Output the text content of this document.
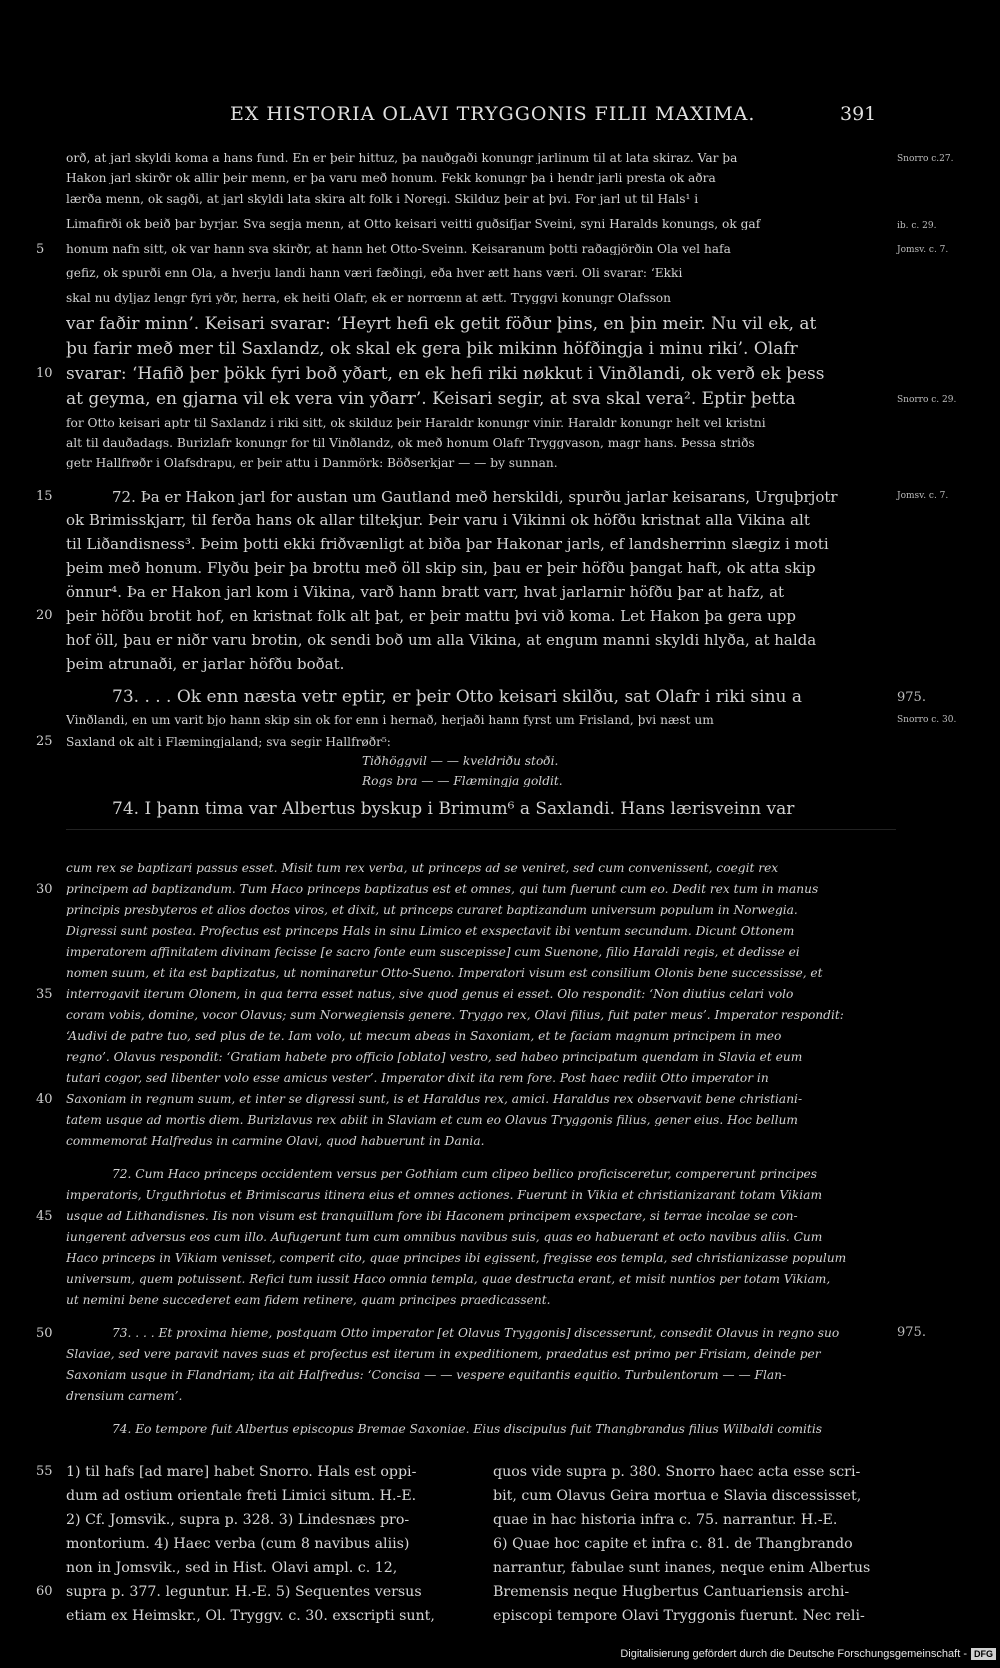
EX HISTORIA OLAVI TRYGGONIS FILII MAXIMA.	391
orð, at jarl skyldi koma a hans fund. En er þeir hittuz, þa nauðgaði konungr jarlinum til at lata skiraz. Var þa
Hakon jarl skirðr ok allir þeir menn, er þa varu með honum. Fekk konungr þa i hendr jarli presta ok aðra
lærða menn, ok sagði, at jarl skyldi lata skira alt folk i Noregi. Skilduz þeir at þvi. For jarl ut til Hals¹ i
Limafirði ok beið þar byrjar. Sva segja menn, at Otto keisari veitti guðsifjar Sveini, syni Haralds konungs, ok gaf
honum nafn sitt, ok var hann sva skirðr, at hann het Otto-Sveinn. Keisaranum þotti raðagjörðin Ola vel hafa
gefiz, ok spurði enn Ola, a hverju landi hann væri fæðingi, eða hver ætt hans væri. Oli svarar: ‘Ekki
skal nu dyljaz lengr fyri yðr, herra, ek heiti Olafr, ek er norrœnn at ætt. Tryggvi konungr Olafsson
var faðir minn’. Keisari svarar: ‘Heyrt hefi ek getit föður þins, en þin meir. Nu vil ek, at
þu farir með mer til Saxlandz, ok skal ek gera þik mikinn höfðingja i minu riki’. Olafr
svarar: ‘Hafið þer þökk fyri boð yðart, en ek hefi riki nøkkut i Vinðlandi, ok verð ek þess
at geyma, en gjarna vil ek vera vin yðarr’. Keisari segir, at sva skal vera². Eptir þetta
for Otto keisari aptr til Saxlandz i riki sitt, ok skilduz þeir Haraldr konungr vinir. Haraldr konungr helt vel kristni
alt til dauðadags. Burizlafr konungr for til Vinðlandz, ok með honum Olafr Tryggvason, magr hans. Þessa striðs
getr Hallfrøðr i Olafsdrapu, er þeir attu i Danmörk: Böðserkjar — — by sunnan.
72. Þa er Hakon jarl for austan um Gautland með herskildi, spurðu jarlar keisarans, Urguþrjotr
ok Brimisskjarr, til ferða hans ok allar tiltekjur. Þeir varu i Vikinni ok höfðu kristnat alla Vikina alt
til Liðandisness³. Þeim þotti ekki friðvænligt at biða þar Hakonar jarls, ef landsherrinn slægiz i moti
þeim með honum. Flyðu þeir þa brottu með öll skip sin, þau er þeir höfðu þangat haft, ok atta skip
önnur⁴. Þa er Hakon jarl kom i Vikina, varð hann bratt varr, hvat jarlarnir höfðu þar at hafz, at
þeir höfðu brotit hof, en kristnat folk alt þat, er þeir mattu þvi við koma. Let Hakon þa gera upp
hof öll, þau er niðr varu brotin, ok sendi boð um alla Vikina, at engum manni skyldi hlyða, at halda
þeim atrunaði, er jarlar höfðu boðat.
73. . . . Ok enn næsta vetr eptir, er þeir Otto keisari skilðu, sat Olafr i riki sinu a
Vinðlandi, en um varit bjo hann skip sin ok for enn i hernað, herjaði hann fyrst um Frisland, þvi næst um
Saxland ok alt i Flæmingjaland; sva segir Hallfrøðr⁵:
Tiðhöggvil — — kveldriðu stoði.
Rogs bra — — Flæmingja goldit.
74. I þann tima var Albertus byskup i Brimum⁶ a Saxlandi. Hans lærisveinn var
cum rex se baptizari passus esset. Misit tum rex verba, ut princeps ad se veniret, sed cum convenissent, coegit rex
principem ad baptizandum. Tum Haco princeps baptizatus est et omnes, qui tum fuerunt cum eo. Dedit rex tum in manus
principis presbyteros et alios doctos viros, et dixit, ut princeps curaret baptizandum universum populum in Norwegia.
Digressi sunt postea. Profectus est princeps Hals in sinu Limico et exspectavit ibi ventum secundum. Dicunt Ottonem
imperatorem affinitatem divinam fecisse [e sacro fonte eum suscepisse] cum Suenone, filio Haraldi regis, et dedisse ei
nomen suum, et ita est baptizatus, ut nominaretur Otto-Sueno. Imperatori visum est consilium Olonis bene successisse, et
interrogavit iterum Olonem, in qua terra esset natus, sive quod genus ei esset. Olo respondit: ‘Non diutius celari volo
coram vobis, domine, vocor Olavus; sum Norwegiensis genere. Tryggo rex, Olavi filius, fuit pater meus’. Imperator respondit:
‘Audivi de patre tuo, sed plus de te. Iam volo, ut mecum abeas in Saxoniam, et te faciam magnum principem in meo
regno’. Olavus respondit: ‘Gratiam habete pro officio [oblato] vestro, sed habeo principatum quendam in Slavia et eum
tutari cogor, sed libenter volo esse amicus vester’. Imperator dixit ita rem fore. Post haec rediit Otto imperator in
Saxoniam in regnum suum, et inter se digressi sunt, is et Haraldus rex, amici. Haraldus rex observavit bene christiani-
tatem usque ad mortis diem. Burizlavus rex abiit in Slaviam et cum eo Olavus Tryggonis filius, gener eius. Hoc bellum
commemorat Halfredus in carmine Olavi, quod habuerunt in Dania.
72. Cum Haco princeps occidentem versus per Gothiam cum clipeo bellico proficisceretur, compererunt principes
imperatoris, Urguthriotus et Brimiscarus itinera eius et omnes actiones. Fuerunt in Vikia et christianizarant totam Vikiam
usque ad Lithandisnes. Iis non visum est tranquillum fore ibi Haconem principem exspectare, si terrae incolae se con-
iungerent adversus eos cum illo. Aufugerunt tum cum omnibus navibus suis, quas eo habuerant et octo navibus aliis. Cum
Haco princeps in Vikiam venisset, comperit cito, quae principes ibi egissent, fregisse eos templa, sed christianizasse populum
universum, quem potuissent. Refici tum iussit Haco omnia templa, quae destructa erant, et misit nuntios per totam Vikiam,
ut nemini bene succederet eam fidem retinere, quam principes praedicassent.
73. . . . Et proxima hieme, postquam Otto imperator [et Olavus Tryggonis] discesserunt, consedit Olavus in regno suo
Slaviae, sed vere paravit naves suas et profectus est iterum in expeditionem, praedatus est primo per Frisiam, deinde per
Saxoniam usque in Flandriam; ita ait Halfredus: ‘Concisa — — vespere equitantis equitio. Turbulentorum — — Flan-
drensium carnem’.
74. Eo tempore fuit Albertus episcopus Bremae Saxoniae. Eius discipulus fuit Thangbrandus filius Wilbaldi comitis
1) til hafs [ad mare] habet Snorro. Hals est oppi-
dum ad ostium orientale freti Limici situm. H.-E.
2) Cf. Jomsvik., supra p. 328. 3) Lindesnæs pro-
montorium. 4) Haec verba (cum 8 navibus aliis)
non in Jomsvik., sed in Hist. Olavi ampl. c. 12,
supra p. 377. leguntur. H.-E. 5) Sequentes versus
etiam ex Heimskr., Ol. Tryggv. c. 30. exscripti sunt,
quos vide supra p. 380. Snorro haec acta esse scri-
bit, cum Olavus Geira mortua e Slavia discessisset,
quae in hac historia infra c. 75. narrantur. H.-E.
6) Quae hoc capite et infra c. 81. de Thangbrando
narrantur, fabulae sunt inanes, neque enim Albertus
Bremensis neque Hugbertus Cantuariensis archi-
episcopi tempore Olavi Tryggonis fuerunt. Nec reli-
5
10
15
20
25
30
35
40
45
50
55
60
Snorro c.27.
ib. c. 29.
Jomsv. c. 7.
Snorro c. 29.
Jomsv. c. 7.
975.
Snorro c. 30.
975.
Digitalisierung gefördert durch die Deutsche Forschungsgemeinschaft - DFG
